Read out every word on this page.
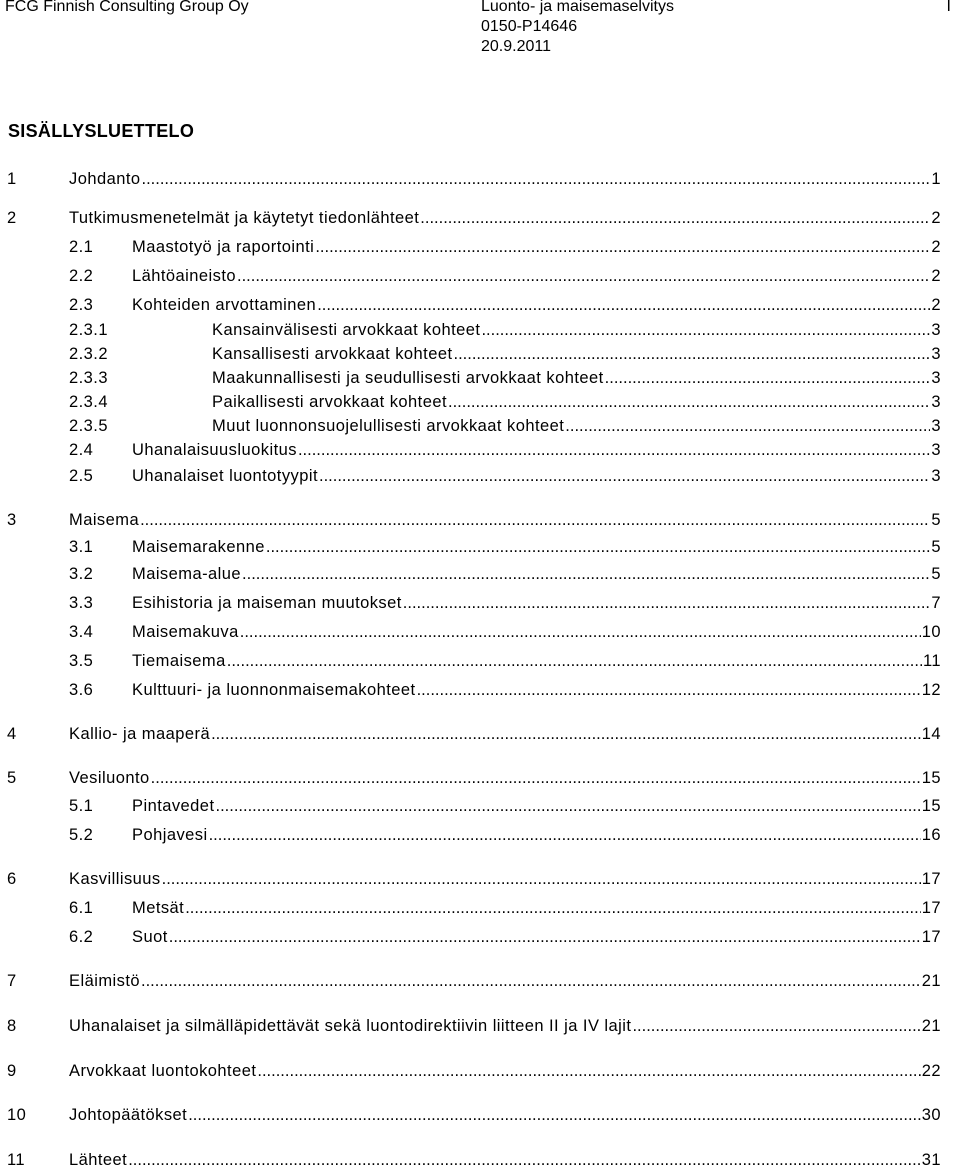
FCG Finnish Consulting Group Oy	Luonto- ja maisemaselvitys
0150-P14646
20.9.2011
I
SISÄLLYSLUETTELO
1	Johdanto .....	1
2	Tutkimusmenetelmät ja käytetyt tiedonlähteet .....	2
2.1 Maastotyö ja raportointi .....	2
2.2 Lähtöaineisto .....	2
2.3 Kohteiden arvottaminen .....	2
2.3.1	Kansainvälisesti arvokkaat kohteet .....	3
2.3.2	Kansallisesti arvokkaat kohteet .....	3
2.3.3	Maakunnallisesti ja seudullisesti arvokkaat kohteet .....	3
2.3.4	Paikallisesti arvokkaat kohteet .....	3
2.3.5	Muut luonnonsuojelullisesti arvokkaat kohteet .....	3
2.4 Uhanalaisuusluokitus .....	3
2.5 Uhanalaiset luontotyypit .....	3
3	Maisema .....	5
3.1 Maisemarakenne .....	5
3.2 Maisema-alue .....	5
3.3 Esihistoria ja maiseman muutokset .....	7
3.4 Maisemakuva .....	10
3.5 Tiemaisema .....	11
3.6 Kulttuuri- ja luonnonmaisemakohteet .....	12
4	Kallio- ja maaperä .....	14
5	Vesiluonto .....	15
5.1 Pintavedet .....	15
5.2 Pohjavesi .....	16
6	Kasvillisuus .....	17
6.1 Metsät .....	17
6.2 Suot .....	17
7	Eläimistö .....	21
8	Uhanalaiset ja silmälläpidettävät sekä luontodirektiivin liitteen II ja IV lajit .....	21
9	Arvokkaat luontokohteet .....	22
10	Johtopäätökset .....	30
11	Lähteet .....	31
